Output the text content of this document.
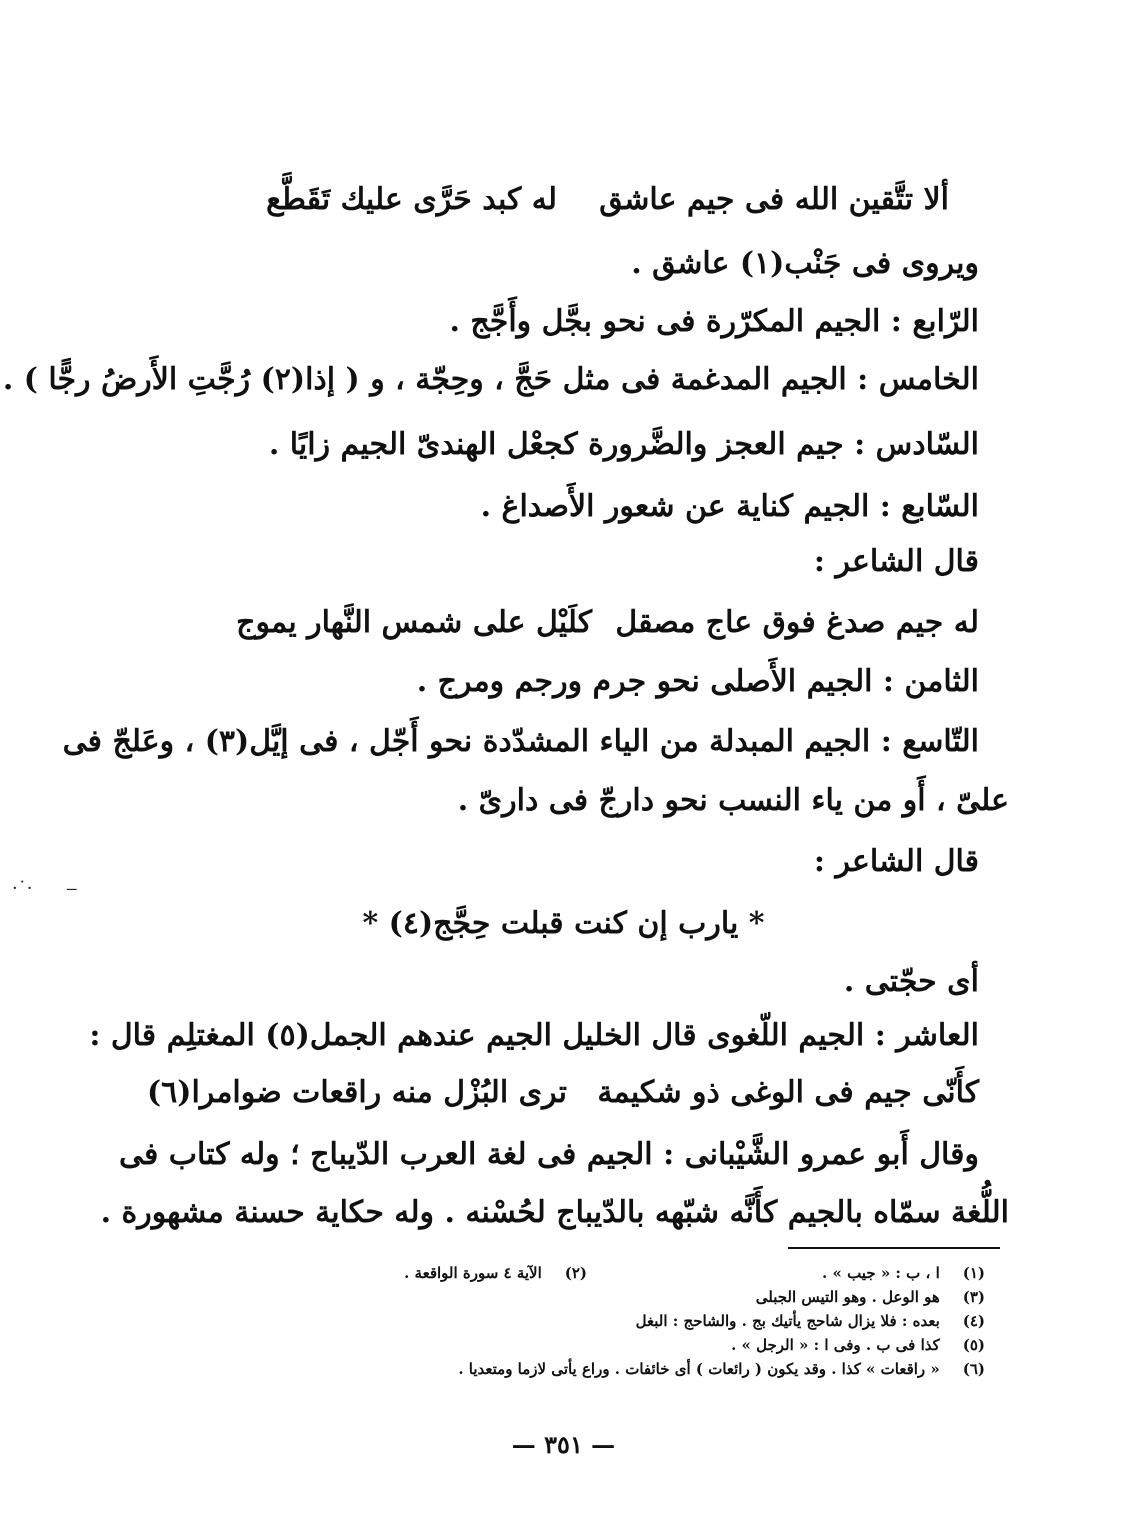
ألا تتَّقين الله فى جيم عاشق
له كبد حَرَّى عليك تَقَطَّع
ويروى فى جَنْب(١) عاشق .
الرّابع : الجيم المكرّرة فى نحو بجَّل وأَجَّج .
الخامس : الجيم المدغمة فى مثل حَجَّ ، وحِجّة ، و ( إذا(٢) رُجَّتِ الأَرضُ رجًّا ) .
السّادس : جيم العجز والضَّرورة كجعْل الهندىّ الجيم زايًا .
السّابع : الجيم كناية عن شعور الأَصداغ .
قال الشاعر :
له جيم صدغ فوق عاج مصقل
كلَيْل على شمس النَّهار يموج
الثامن : الجيم الأَصلى نحو جرم ورجم ومرج .
التّاسع : الجيم المبدلة من الياء المشدّدة نحو أَجّل ، فى إيَّل(٣) ، وعَلجّ فى
علىّ ، أَو من ياء النسب نحو دارجّ فى دارىّ .
قال الشاعر :
* يارب إن كنت قبلت حِجَّج(٤) *
أى حجّتى .
العاشر : الجيم اللّغوى قال الخليل الجيم عندهم الجمل(٥) المغتلِم قال :
كأَنّى جيم فى الوغى ذو شكيمة
ترى البُزْل منه راقعات ضوامرا(٦)
وقال أَبو عمرو الشَّيْبانى : الجيم فى لغة العرب الدّيباج ؛ وله كتاب فى
اللُّغة سمّاه بالجيم كأَنَّه شبّهه بالدّيباج لحُسْنه . وله حكاية حسنة مشهورة .
·˙· ‒
(١) ا ، ب : « جيب » .
(٢) الآية ٤ سورة الواقعة .
(٣) هو الوعل . وهو التيس الجبلى
(٤) بعده : فلا يزال شاحج يأتيك بج . والشاحج : البغل
(٥) كذا فى ب . وفى ا : « الرجل » .
(٦) « راقعات » كذا . وقد يكون ( رائعات ) أى خائفات . وراع يأتى لازما ومتعديا .
— ٣٥١ —
